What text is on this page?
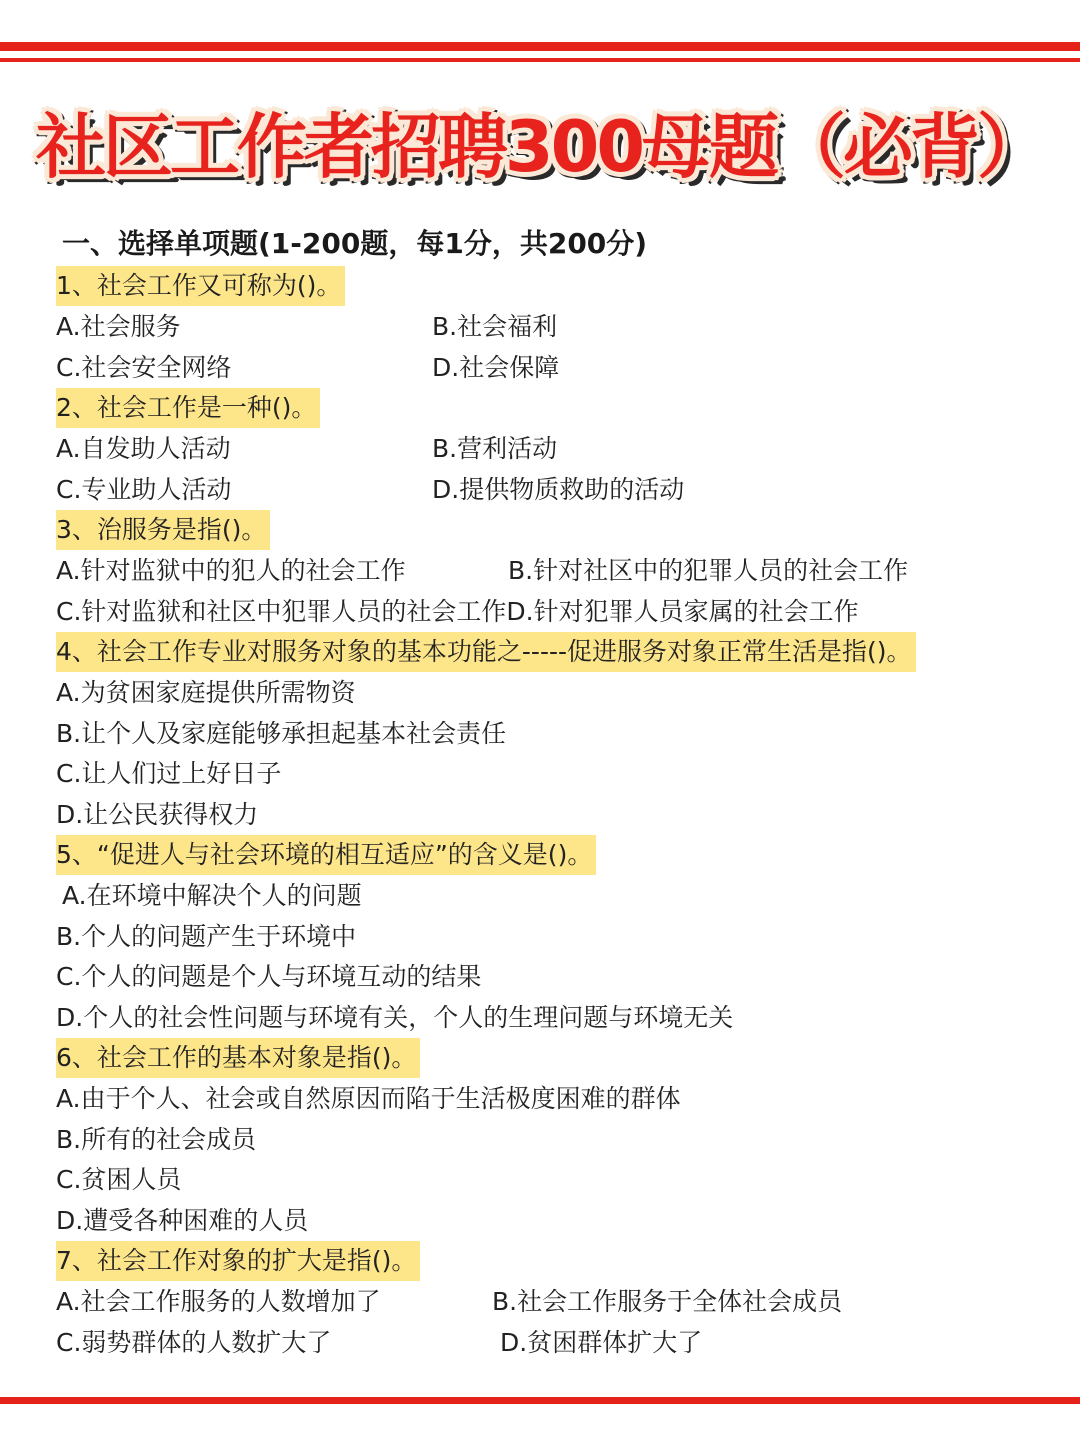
社区工作者招聘300母题（必背）
一、选择单项题(1-200题，每1分，共200分)
1、社会工作又可称为()。
A.社会服务	B.社会福利
C.社会安全网络	D.社会保障
2、社会工作是一种()。
A.自发助人活动	B.营利活动
C.专业助人活动	D.提供物质救助的活动
3、治服务是指()。
A.针对监狱中的犯人的社会工作	B.针对社区中的犯罪人员的社会工作
C.针对监狱和社区中犯罪人员的社会工作D.针对犯罪人员家属的社会工作
4、社会工作专业对服务对象的基本功能之-----促进服务对象正常生活是指()。
A.为贫困家庭提供所需物资
B.让个人及家庭能够承担起基本社会责任
C.让人们过上好日子
D.让公民获得权力
5、“促进人与社会环境的相互适应”的含义是()。
A.在环境中解决个人的问题
B.个人的问题产生于环境中
C.个人的问题是个人与环境互动的结果
D.个人的社会性问题与环境有关，个人的生理问题与环境无关
6、社会工作的基本对象是指()。
A.由于个人、社会或自然原因而陷于生活极度困难的群体
B.所有的社会成员
C.贫困人员
D.遭受各种困难的人员
7、社会工作对象的扩大是指()。
A.社会工作服务的人数增加了	B.社会工作服务于全体社会成员
C.弱势群体的人数扩大了	D.贫困群体扩大了
